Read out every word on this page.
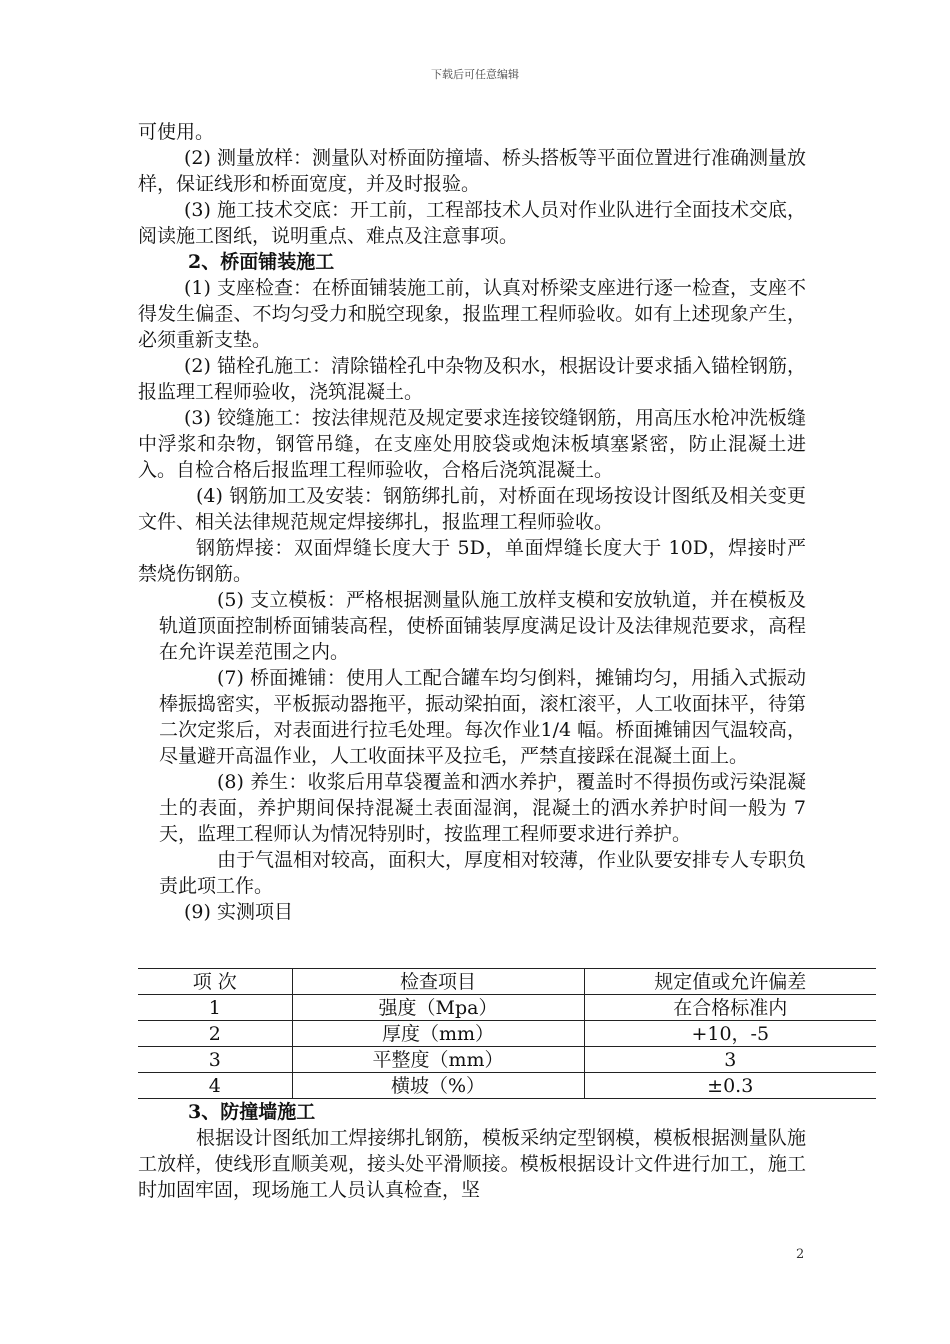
下载后可任意编辑

可使用。

(2) 测量放样：测量队对桥面防撞墙、桥头搭板等平面位置进行准确测量放样，保证线形和桥面宽度，并及时报验。

(3) 施工技术交底：开工前，工程部技术人员对作业队进行全面技术交底，阅读施工图纸，说明重点、难点及注意事项。

2、桥面铺装施工

(1) 支座检查：在桥面铺装施工前，认真对桥梁支座进行逐一检查，支座不得发生偏歪、不均匀受力和脱空现象，报监理工程师验收。如有上述现象产生，必须重新支垫。

(2) 锚栓孔施工：清除锚栓孔中杂物及积水，根据设计要求插入锚栓钢筋，报监理工程师验收，浇筑混凝土。

(3) 铰缝施工：按法律规范及规定要求连接铰缝钢筋，用高压水枪冲洗板缝中浮浆和杂物，钢管吊缝，在支座处用胶袋或炮沫板填塞紧密，防止混凝土进入。自检合格后报监理工程师验收，合格后浇筑混凝土。

(4) 钢筋加工及安装：钢筋绑扎前，对桥面在现场按设计图纸及相关变更文件、相关法律规范规定焊接绑扎，报监理工程师验收。

钢筋焊接：双面焊缝长度大于 5D，单面焊缝长度大于 10D，焊接时严禁烧伤钢筋。

(5) 支立模板：严格根据测量队施工放样支模和安放轨道，并在模板及轨道顶面控制桥面铺装高程，使桥面铺装厚度满足设计及法律规范要求，高程在允许误差范围之内。

(7) 桥面摊铺：使用人工配合罐车均匀倒料，摊铺均匀，用插入式振动棒振捣密实，平板振动器拖平，振动梁拍面，滚杠滚平，人工收面抹平，待第二次定浆后，对表面进行拉毛处理。每次作业1/4 幅。桥面摊铺因气温较高，尽量避开高温作业，人工收面抹平及拉毛，严禁直接踩在混凝土面上。

(8) 养生：收浆后用草袋覆盖和洒水养护，覆盖时不得损伤或污染混凝土的表面，养护期间保持混凝土表面湿润，混凝土的洒水养护时间一般为 7 天，监理工程师认为情况特别时，按监理工程师要求进行养护。

由于气温相对较高，面积大，厚度相对较薄，作业队要安排专人专职负责此项工作。

(9) 实测项目

项 次	检查项目	规定值或允许偏差
1	强度（Mpa）	在合格标准内
2	厚度（mm）	+10，-5
3	平整度（mm）	3
4	横坡（%）	±0.3

3、防撞墙施工

根据设计图纸加工焊接绑扎钢筋，模板采纳定型钢模，模板根据测量队施工放样，使线形直顺美观，接头处平滑顺接。模板根据设计文件进行加工，施工时加固牢固，现场施工人员认真检查，坚

2
